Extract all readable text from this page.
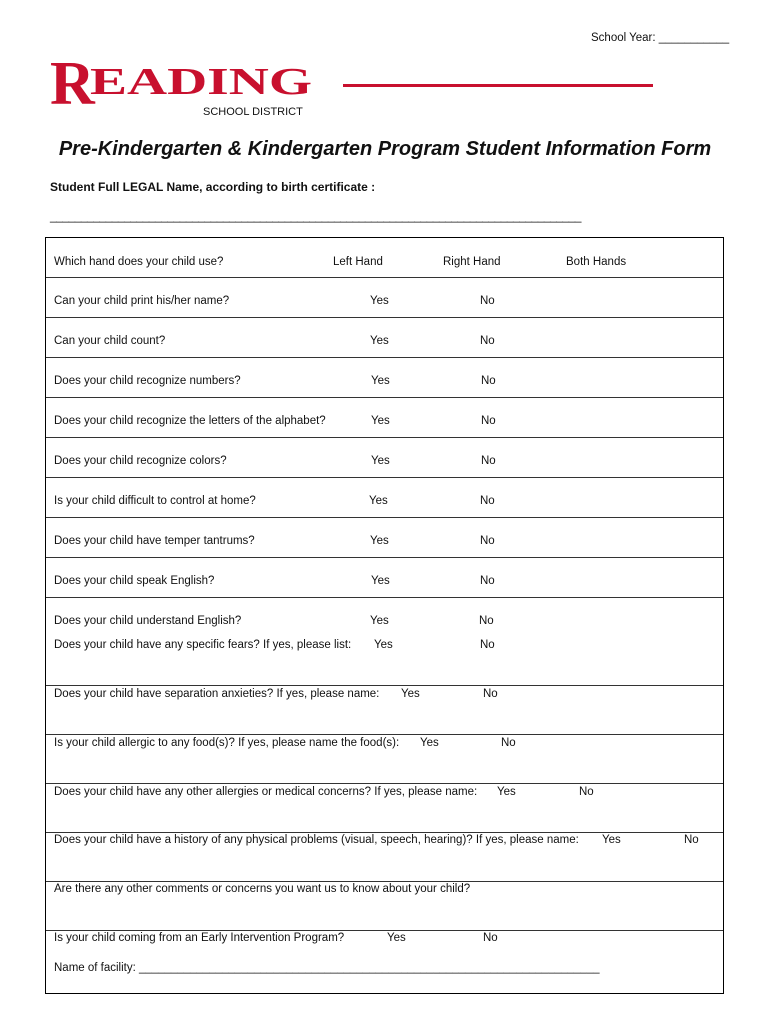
School Year: ___________
R
EADING
SCHOOL DISTRICT
Pre-Kindergarten & Kindergarten Program Student Information Form
Student Full LEGAL Name, according to birth certificate :
______________________________________________________________________________________
Which hand does your child use?	Left Hand	Right Hand	Both Hands
Can your child print his/her name?	Yes	No
Can your child count?	Yes	No
Does your child recognize numbers?	Yes	No
Does your child recognize the letters of the alphabet?	Yes	No
Does your child recognize colors?	Yes	No
Is your child difficult to control at home?	Yes	No
Does your child have temper tantrums?	Yes	No
Does your child speak English?	Yes	No
Does your child understand English?	Yes	No
Does your child have any specific fears? If yes, please list: Yes	No
Does your child have separation anxieties? If yes, please name: Yes	No
Is your child allergic to any food(s)? If yes, please name the food(s): Yes	No
Does your child have any other allergies or medical concerns? If yes, please name: Yes	No
Does your child have a history of any physical problems (visual, speech, hearing)? If yes, please name: Yes	No
Are there any other comments or concerns you want us to know about your child?
Is your child coming from an Early Intervention Program?	Yes	No
Name of facility: ________________________________________________________________________
